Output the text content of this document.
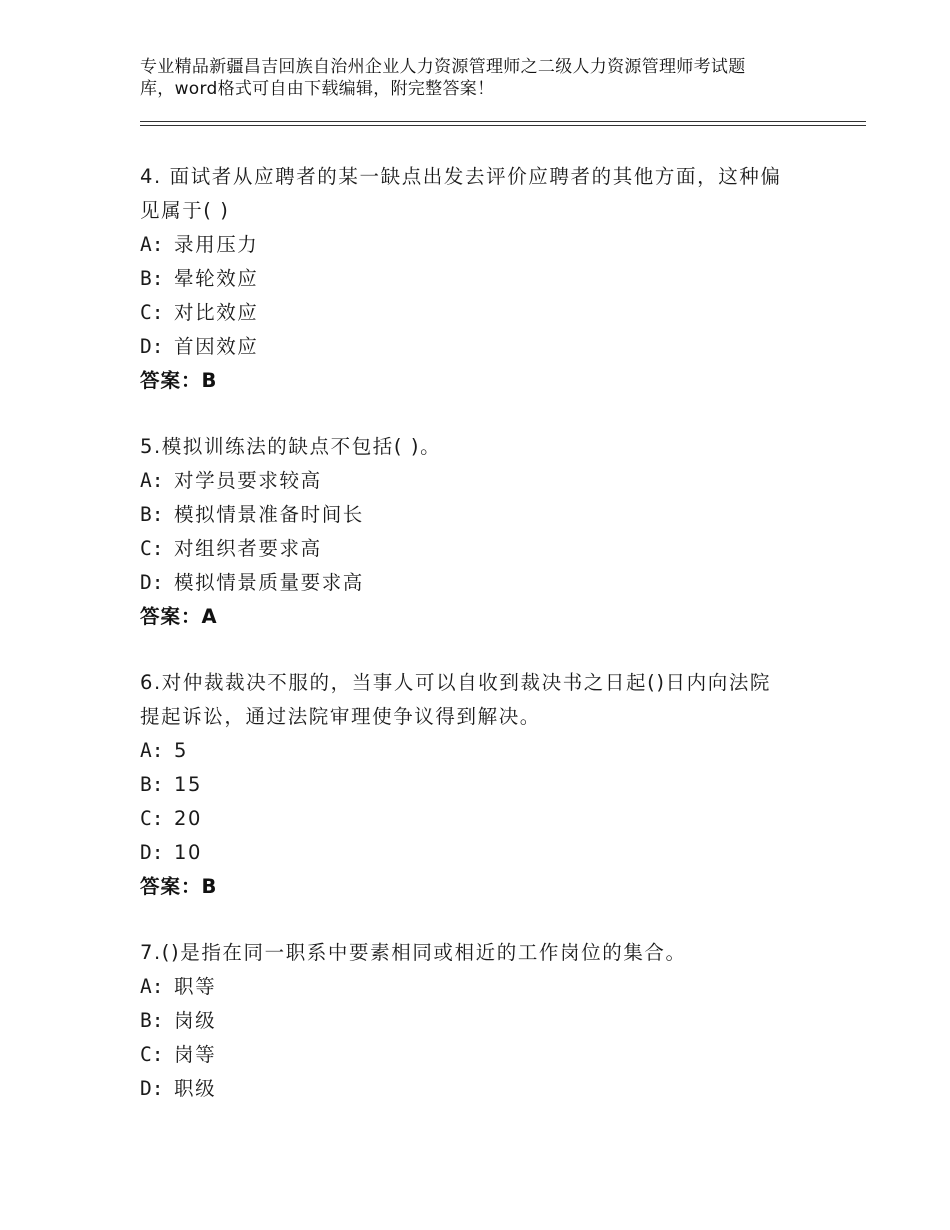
专业精品新疆昌吉回族自治州企业人力资源管理师之二级人力资源管理师考试题
库，word格式可自由下载编辑，附完整答案！
4. 面试者从应聘者的某一缺点出发去评价应聘者的其他方面，这种偏
见属于( )
A: 录用压力
B: 晕轮效应
C: 对比效应
D: 首因效应
答案：B
5.模拟训练法的缺点不包括( )。
A: 对学员要求较高
B: 模拟情景准备时间长
C: 对组织者要求高
D: 模拟情景质量要求高
答案：A
6.对仲裁裁决不服的，当事人可以自收到裁决书之日起()日内向法院
提起诉讼，通过法院审理使争议得到解决。
A: 5
B: 15
C: 20
D: 10
答案：B
7.()是指在同一职系中要素相同或相近的工作岗位的集合。
A: 职等
B: 岗级
C: 岗等
D: 职级
